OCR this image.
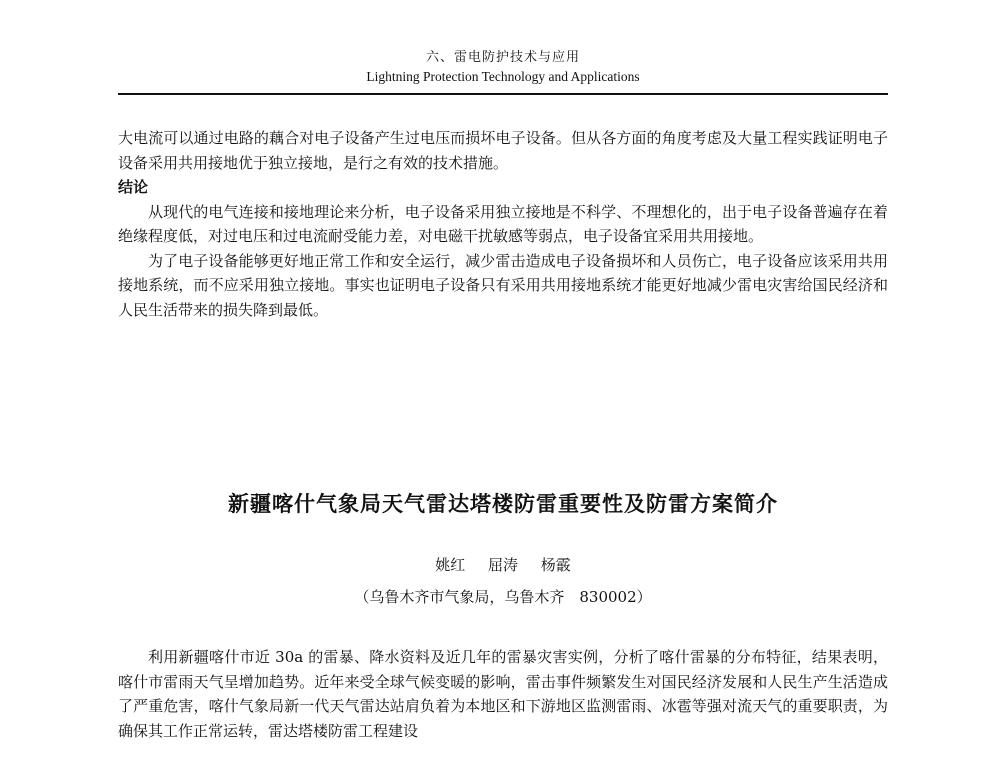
六、雷电防护技术与应用
Lightning Protection Technology and Applications

大电流可以通过电路的藕合对电子设备产生过电压而损坏电子设备。但从各方面的角度考虑及大量工程实践证明电子设备采用共用接地优于独立接地，是行之有效的技术措施。

结论

从现代的电气连接和接地理论来分析，电子设备采用独立接地是不科学、不理想化的，出于电子设备普遍存在着绝缘程度低，对过电压和过电流耐受能力差，对电磁干扰敏感等弱点，电子设备宜采用共用接地。

为了电子设备能够更好地正常工作和安全运行，减少雷击造成电子设备损坏和人员伤亡，电子设备应该采用共用接地系统，而不应采用独立接地。事实也证明电子设备只有采用共用接地系统才能更好地减少雷电灾害给国民经济和人民生活带来的损失降到最低。

新疆喀什气象局天气雷达塔楼防雷重要性及防雷方案简介
姚红 屈涛 杨霰
（乌鲁木齐市气象局，乌鲁木齐　830002）

利用新疆喀什市近 30a 的雷暴、降水资料及近几年的雷暴灾害实例，分析了喀什雷暴的分布特征，结果表明，喀什市雷雨天气呈增加趋势。近年来受全球气候变暖的影响，雷击事件频繁发生对国民经济发展和人民生产生活造成了严重危害，喀什气象局新一代天气雷达站肩负着为本地区和下游地区监测雷雨、冰雹等强对流天气的重要职责，为确保其工作正常运转，雷达塔楼防雷工程建设
